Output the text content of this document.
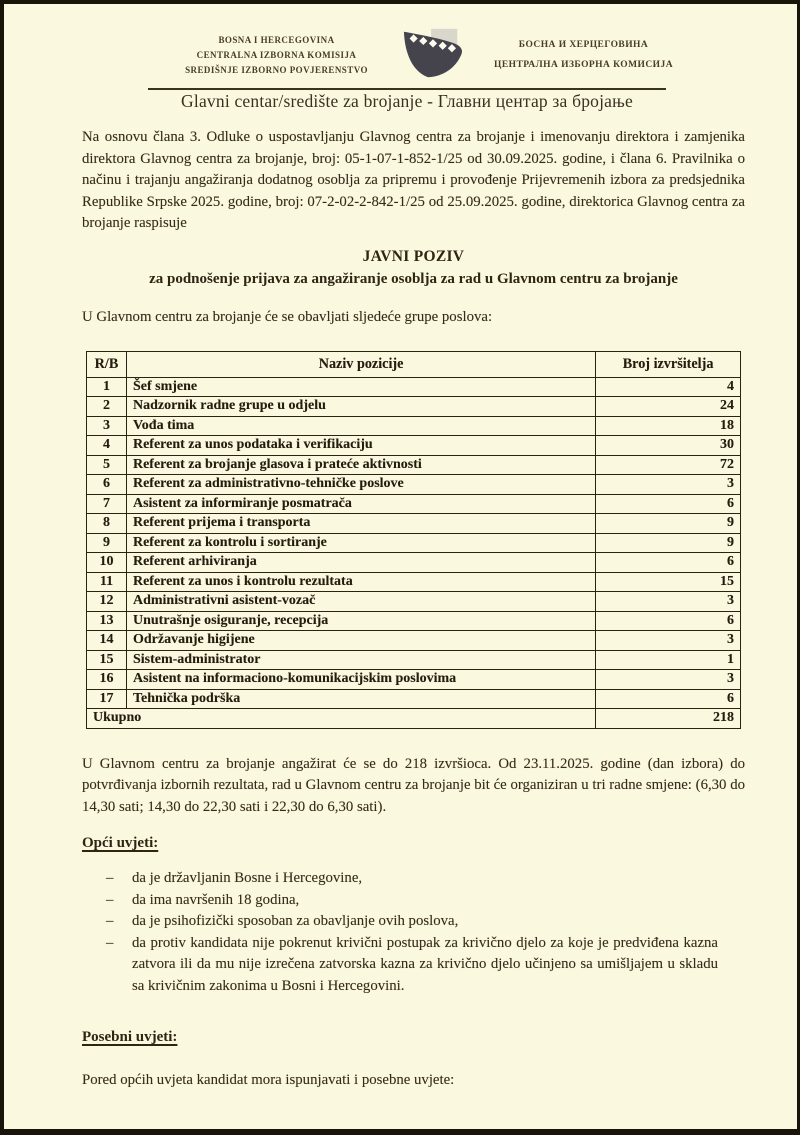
BOSNA I HERCEGOVINA
CENTRALNA IZBORNA KOMISIJA
SREDIŠNJE IZBORNO POVJERENSTVO
БОСНА И ХЕРЦЕГОВИНА
ЦЕНТРАЛНА ИЗБОРНА КОМИСИЈА
Glavni centar/središte za brojanje - Главни центар за бројање

Na osnovu člana 3. Odluke o uspostavljanju Glavnog centra za brojanje i imenovanju direktora i zamjenika direktora Glavnog centra za brojanje, broj: 05-1-07-1-852-1/25 od 30.09.2025. godine, i člana 6. Pravilnika o načinu i trajanju angažiranja dodatnog osoblja za pripremu i provođenje Prijevremenih izbora za predsjednika Republike Srpske 2025. godine, broj: 07-2-02-2-842-1/25 od 25.09.2025. godine, direktorica Glavnog centra za brojanje raspisuje

JAVNI POZIV
za podnošenje prijava za angažiranje osoblja za rad u Glavnom centru za brojanje

U Glavnom centru za brojanje će se obavljati sljedeće grupe poslova:

R/B	Naziv pozicije	Broj izvršitelja
1	Šef smjene	4
2	Nadzornik radne grupe u odjelu	24
3	Vođa tima	18
4	Referent za unos podataka i verifikaciju	30
5	Referent za brojanje glasova i prateće aktivnosti	72
6	Referent za administrativno-tehničke poslove	3
7	Asistent za informiranje posmatrača	6
8	Referent prijema i transporta	9
9	Referent za kontrolu i sortiranje	9
10	Referent arhiviranja	6
11	Referent za unos i kontrolu rezultata	15
12	Administrativni asistent-vozač	3
13	Unutrašnje osiguranje, recepcija	6
14	Održavanje higijene	3
15	Sistem-administrator	1
16	Asistent na informaciono-komunikacijskim poslovima	3
17	Tehnička podrška	6
Ukupno		218

U Glavnom centru za brojanje angažirat će se do 218 izvršioca. Od 23.11.2025. godine (dan izbora) do potvrđivanja izbornih rezultata, rad u Glavnom centru za brojanje bit će organiziran u tri radne smjene: (6,30 do 14,30 sati; 14,30 do 22,30 sati i 22,30 do 6,30 sati).

Opći uvjeti:
–	da je državljanin Bosne i Hercegovine,
–	da ima navršenih 18 godina,
–	da je psihofizički sposoban za obavljanje ovih poslova,
–	da protiv kandidata nije pokrenut krivični postupak za krivično djelo za koje je predviđena kazna zatvora ili da mu nije izrečena zatvorska kazna za krivično djelo učinjeno sa umišljajem u skladu sa krivičnim zakonima u Bosni i Hercegovini.
Posebni uvjeti:

Pored općih uvjeta kandidat mora ispunjavati i posebne uvjete:
